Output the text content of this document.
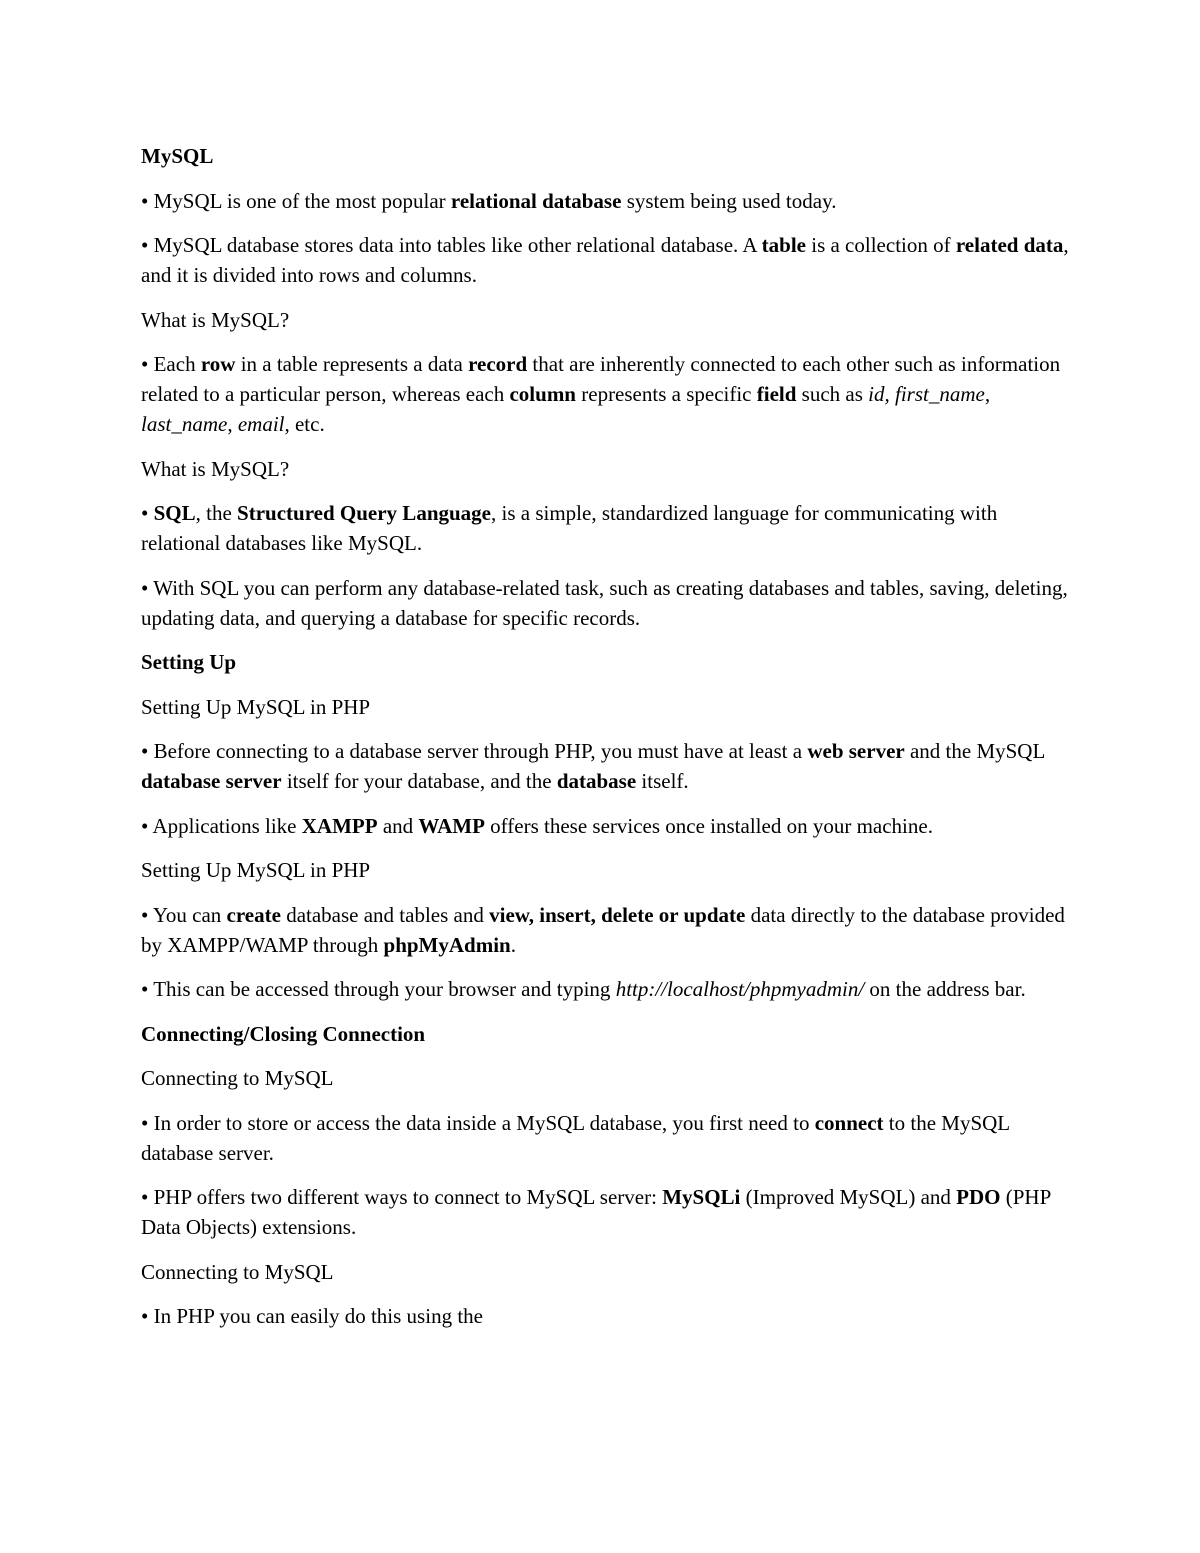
MySQL

• MySQL is one of the most popular relational database system being used today.

• MySQL database stores data into tables like other relational database. A table is a collection of related data, and it is divided into rows and columns.

What is MySQL?

• Each row in a table represents a data record that are inherently connected to each other such as information related to a particular person, whereas each column represents a specific field such as id, first_name, last_name, email, etc.

What is MySQL?

• SQL, the Structured Query Language, is a simple, standardized language for communicating with relational databases like MySQL.

• With SQL you can perform any database-related task, such as creating databases and tables, saving, deleting, updating data, and querying a database for specific records.

Setting Up

Setting Up MySQL in PHP

• Before connecting to a database server through PHP, you must have at least a web server and the MySQL database server itself for your database, and the database itself.

• Applications like XAMPP and WAMP offers these services once installed on your machine.

Setting Up MySQL in PHP

• You can create database and tables and view, insert, delete or update data directly to the database provided by XAMPP/WAMP through phpMyAdmin.

• This can be accessed through your browser and typing http://localhost/phpmyadmin/ on the address bar.

Connecting/Closing Connection

Connecting to MySQL

• In order to store or access the data inside a MySQL database, you first need to connect to the MySQL database server.

• PHP offers two different ways to connect to MySQL server: MySQLi (Improved MySQL) and PDO (PHP Data Objects) extensions.

Connecting to MySQL

• In PHP you can easily do this using the
